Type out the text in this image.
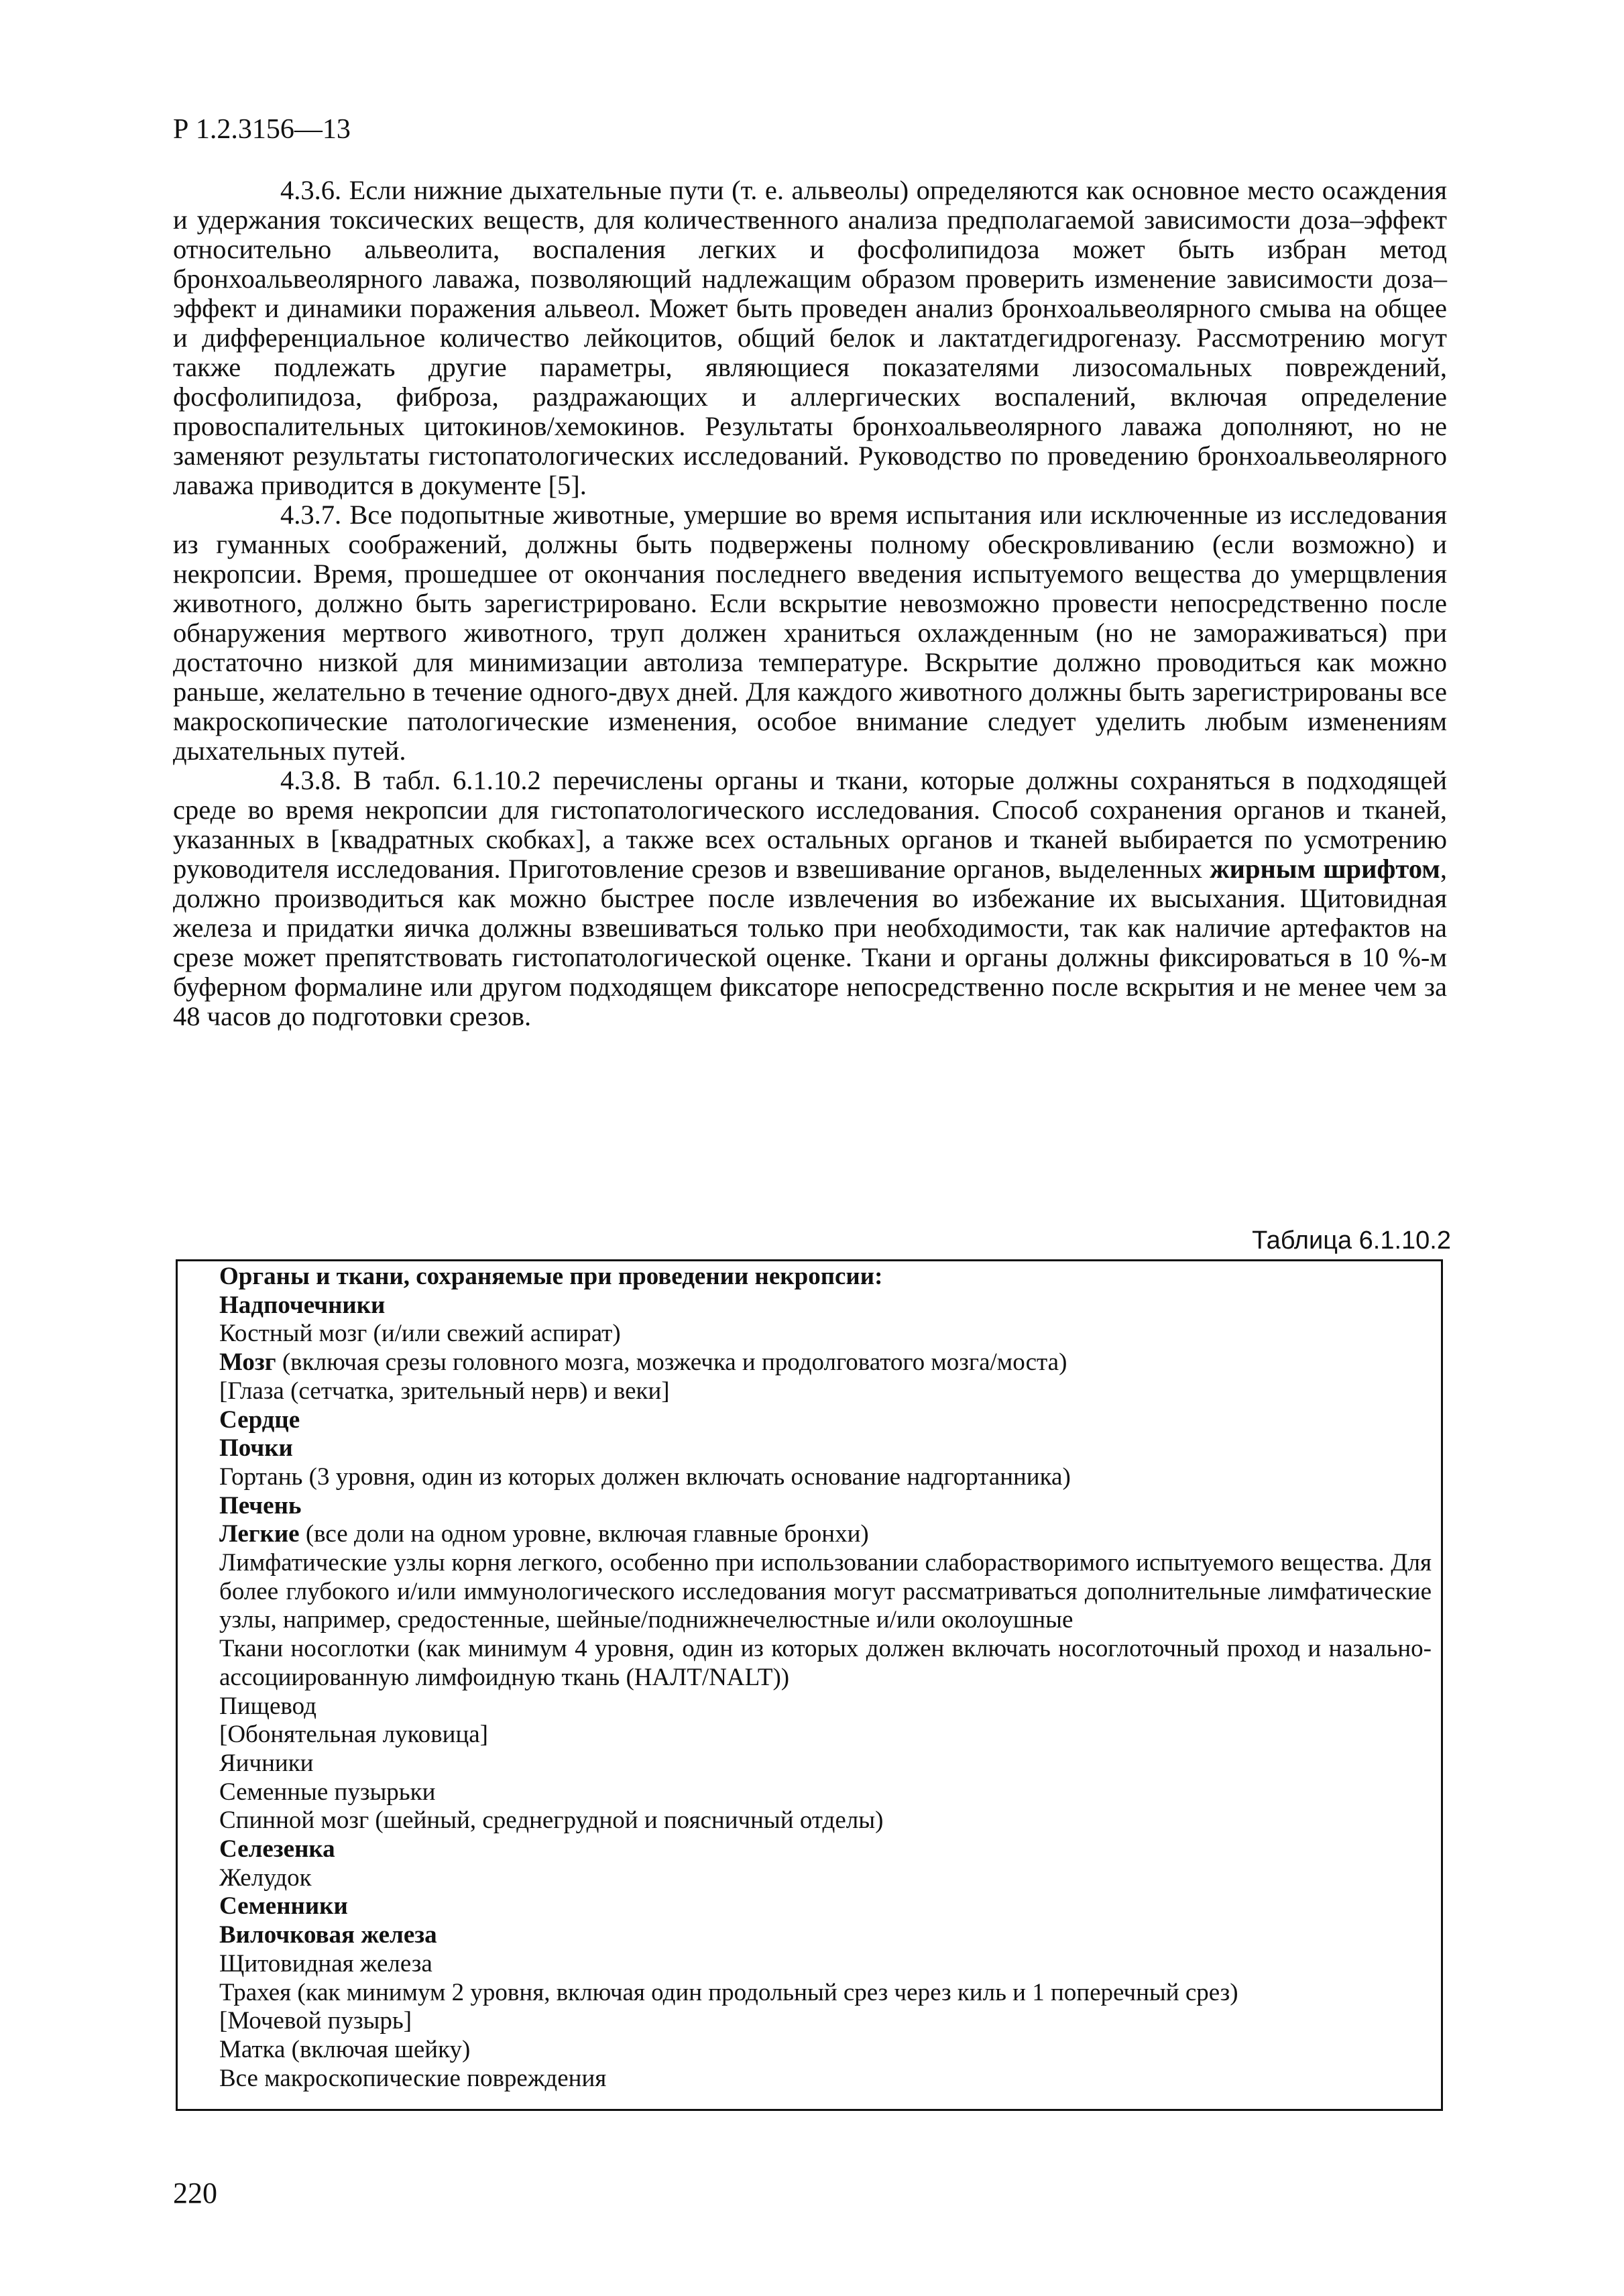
Р 1.2.3156—13

4.3.6. Если нижние дыхательные пути (т. е. альвеолы) определяются как основное место осаждения и удержания токсических веществ, для количественного анализа предполагаемой зависимости доза–эффект относительно альвеолита, воспаления легких и фосфолипидоза может быть избран метод бронхоальвеолярного лаважа, позволяющий надлежащим образом проверить изменение зависимости доза–эффект и динамики поражения альвеол. Может быть проведен анализ бронхоальвеолярного смыва на общее и дифференциальное количество лейкоцитов, общий белок и лактатдегидрогеназу. Рассмотрению могут также подлежать другие параметры, являющиеся показателями лизосомальных повреждений, фосфолипидоза, фиброза, раздражающих и аллергических воспалений, включая определение провоспалительных цитокинов/хемокинов. Результаты бронхоальвеолярного лаважа дополняют, но не заменяют результаты гистопатологических исследований. Руководство по проведению бронхоальвеолярного лаважа приводится в документе [5].

4.3.7. Все подопытные животные, умершие во время испытания или исключенные из исследования из гуманных соображений, должны быть подвержены полному обескровливанию (если возможно) и некропсии. Время, прошедшее от окончания последнего введения испытуемого вещества до умерщвления животного, должно быть зарегистрировано. Если вскрытие невозможно провести непосредственно после обнаружения мертвого животного, труп должен храниться охлажденным (но не замораживаться) при достаточно низкой для минимизации автолиза температуре. Вскрытие должно проводиться как можно раньше, желательно в течение одного-двух дней. Для каждого животного должны быть зарегистрированы все макроскопические патологические изменения, особое внимание следует уделить любым изменениям дыхательных путей.

4.3.8. В табл. 6.1.10.2 перечислены органы и ткани, которые должны сохраняться в подходящей среде во время некропсии для гистопатологического исследования. Способ сохранения органов и тканей, указанных в [квадратных скобках], а также всех остальных органов и тканей выбирается по усмотрению руководителя исследования. Приготовление срезов и взвешивание органов, выделенных жирным шрифтом, должно производиться как можно быстрее после извлечения во избежание их высыхания. Щитовидная железа и придатки яичка должны взвешиваться только при необходимости, так как наличие артефактов на срезе может препятствовать гистопатологической оценке. Ткани и органы должны фиксироваться в 10 %-м буферном формалине или другом подходящем фиксаторе непосредственно после вскрытия и не менее чем за 48 часов до подготовки срезов.

Таблица 6.1.10.2

Органы и ткани, сохраняемые при проведении некропсии:

Надпочечники
Костный мозг (и/или свежий аспират)
Мозг (включая срезы головного мозга, мозжечка и продолговатого мозга/моста)
[Глаза (сетчатка, зрительный нерв) и веки]
Сердце
Почки
Гортань (3 уровня, один из которых должен включать основание надгортанника)
Печень
Легкие (все доли на одном уровне, включая главные бронхи)
Лимфатические узлы корня легкого, особенно при использовании слаборастворимого испытуемого вещества. Для более глубокого и/или иммунологического исследования могут рассматриваться дополнительные лимфатические узлы, например, средостенные, шейные/поднижнечелюстные и/или околоушные
Ткани носоглотки (как минимум 4 уровня, один из которых должен включать носоглоточный проход и назально-ассоциированную лимфоидную ткань (НАЛТ/NALT))
Пищевод
[Обонятельная луковица]
Яичники
Семенные пузырьки
Спинной мозг (шейный, среднегрудной и поясничный отделы)
Селезенка
Желудок
Семенники
Вилочковая железа
Щитовидная железа
Трахея (как минимум 2 уровня, включая один продольный срез через киль и 1 поперечный срез)
[Мочевой пузырь]
Матка (включая шейку)
Все макроскопические повреждения
220
